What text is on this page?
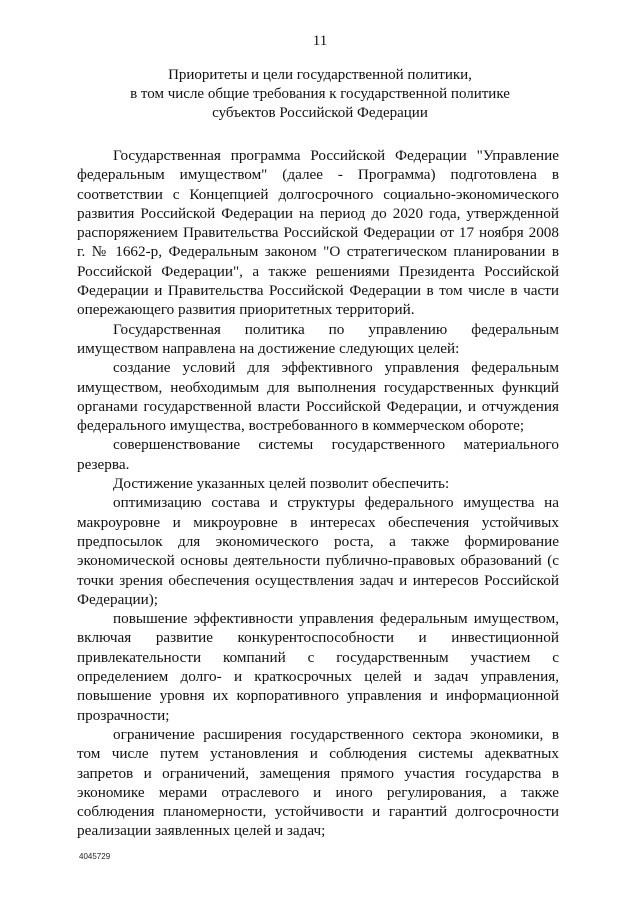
11
Приоритеты и цели государственной политики,
в том числе общие требования к государственной политике
субъектов Российской Федерации

Государственная программа Российской Федерации "Управление федеральным имуществом" (далее - Программа) подготовлена в соответствии с Концепцией долгосрочного социально-экономического развития Российской Федерации на период до 2020 года, утвержденной распоряжением Правительства Российской Федерации от 17 ноября 2008 г. № 1662-р, Федеральным законом "О стратегическом планировании в Российской Федерации", а также решениями Президента Российской Федерации и Правительства Российской Федерации в том числе в части опережающего развития приоритетных территорий.

Государственная политика по управлению федеральным имуществом направлена на достижение следующих целей:

создание условий для эффективного управления федеральным имуществом, необходимым для выполнения государственных функций органами государственной власти Российской Федерации, и отчуждения федерального имущества, востребованного в коммерческом обороте;

совершенствование системы государственного материального резерва.

Достижение указанных целей позволит обеспечить:

оптимизацию состава и структуры федерального имущества на макроуровне и микроуровне в интересах обеспечения устойчивых предпосылок для экономического роста, а также формирование экономической основы деятельности публично-правовых образований (с точки зрения обеспечения осуществления задач и интересов Российской Федерации);

повышение эффективности управления федеральным имуществом, включая развитие конкурентоспособности и инвестиционной привлекательности компаний с государственным участием с определением долго- и краткосрочных целей и задач управления, повышение уровня их корпоративного управления и информационной прозрачности;

ограничение расширения государственного сектора экономики, в том числе путем установления и соблюдения системы адекватных запретов и ограничений, замещения прямого участия государства в экономике мерами отраслевого и иного регулирования, а также соблюдения планомерности, устойчивости и гарантий долгосрочности реализации заявленных целей и задач;

4045729
